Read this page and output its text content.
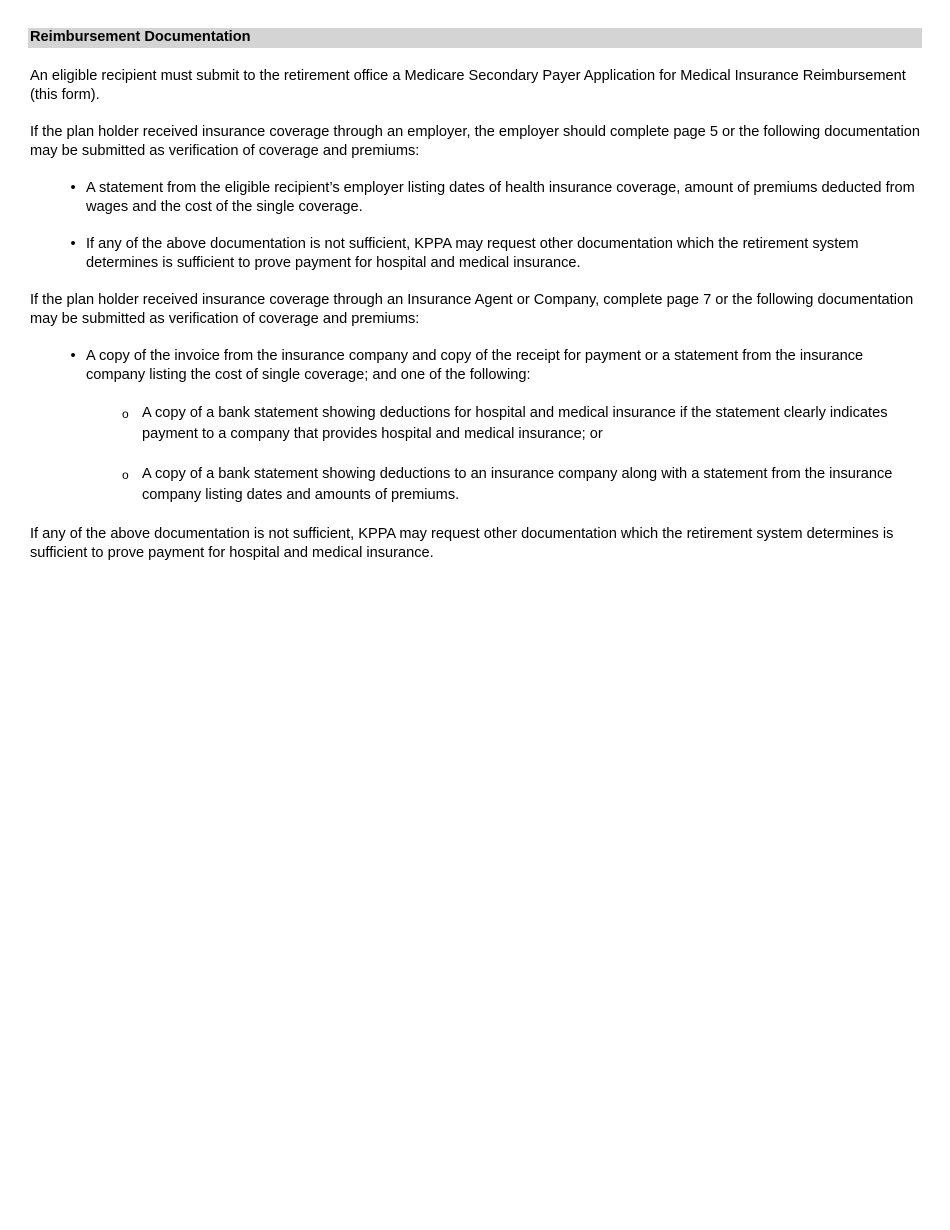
Reimbursement Documentation

An eligible recipient must submit to the retirement office a Medicare Secondary Payer Application for Medical Insurance Reimbursement (this form).

If the plan holder received insurance coverage through an employer, the employer should complete page 5 or the following documentation may be submitted as verification of coverage and premiums:

• A statement from the eligible recipient’s employer listing dates of health insurance coverage, amount of premiums deducted from wages and the cost of the single coverage.
• If any of the above documentation is not sufficient, KPPA may request other documentation which the retirement system determines is sufficient to prove payment for hospital and medical insurance.

If the plan holder received insurance coverage through an Insurance Agent or Company, complete page 7 or the following documentation may be submitted as verification of coverage and premiums:

• A copy of the invoice from the insurance company and copy of the receipt for payment or a statement from the insurance company listing the cost of single coverage; and one of the following:
o A copy of a bank statement showing deductions for hospital and medical insurance if the statement clearly indicates payment to a company that provides hospital and medical insurance; or
o A copy of a bank statement showing deductions to an insurance company along with a statement from the insurance company listing dates and amounts of premiums.

If any of the above documentation is not sufficient, KPPA may request other documentation which the retirement system determines is sufficient to prove payment for hospital and medical insurance.
